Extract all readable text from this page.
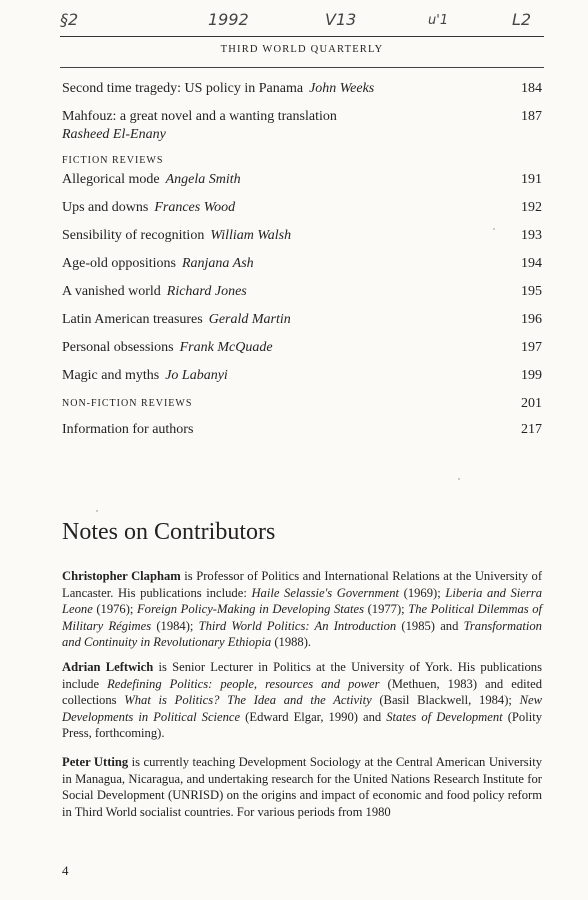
§2	1992	V13	u'1	L2
THIRD WORLD QUARTERLY
Second time tragedy: US policy in Panama John Weeks	184
Mahfouz: a great novel and a wanting translation
Rasheed El-Enany
187
FICTION REVIEWS
Allegorical mode Angela Smith	191
Ups and downs Frances Wood	192
Sensibility of recognition William Walsh	193
Age-old oppositions Ranjana Ash	194
A vanished world Richard Jones	195
Latin American treasures Gerald Martin	196
Personal obsessions Frank McQuade	197
Magic and myths Jo Labanyi	199
NON-FICTION REVIEWS	201
Information for authors	217
Notes on Contributors

Christopher Clapham is Professor of Politics and International Relations at the University of Lancaster. His publications include: Haile Selassie's Government (1969); Liberia and Sierra Leone (1976); Foreign Policy-Making in Developing States (1977); The Political Dilemmas of Military Régimes (1984); Third World Politics: An Introduction (1985) and Transformation and Continuity in Revolutionary Ethiopia (1988).

Adrian Leftwich is Senior Lecturer in Politics at the University of York. His publications include Redefining Politics: people, resources and power (Methuen, 1983) and edited collections What is Politics? The Idea and the Activity (Basil Blackwell, 1984); New Developments in Political Science (Edward Elgar, 1990) and States of Development (Polity Press, forthcoming).

Peter Utting is currently teaching Development Sociology at the Central American University in Managua, Nicaragua, and undertaking research for the United Nations Research Institute for Social Development (UNRISD) on the origins and impact of economic and food policy reform in Third World socialist countries. For various periods from 1980

4
